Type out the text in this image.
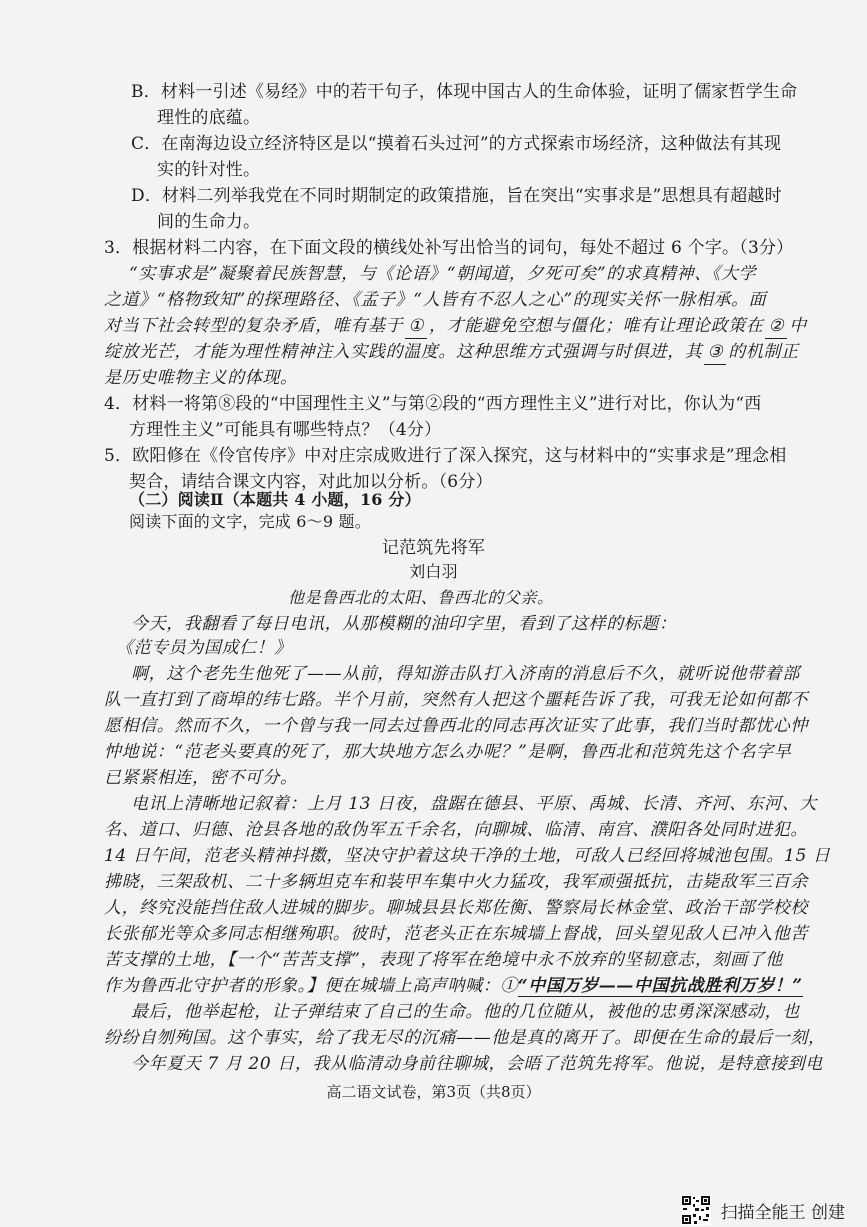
B．材料一引述《易经》中的若干句子，体现中国古人的生命体验，证明了儒家哲学生命
理性的底蕴。
C．在南海边设立经济特区是以“摸着石头过河”的方式探索市场经济，这种做法有其现
实的针对性。
D．材料二列举我党在不同时期制定的政策措施，旨在突出“实事求是”思想具有超越时
间的生命力。
3．根据材料二内容，在下面文段的横线处补写出恰当的词句，每处不超过 6 个字。（3分）
“实事求是”凝聚着民族智慧，与《论语》“朝闻道，夕死可矣”的求真精神、《大学
之道》“格物致知”的探理路径、《孟子》“人皆有不忍人之心”的现实关怀一脉相承。面
对当下社会转型的复杂矛盾，唯有基于 ① ，才能避免空想与僵化；唯有让理论政策在 ② 中
绽放光芒，才能为理性精神注入实践的温度。这种思维方式强调与时俱进，其 ③ 的机制正
是历史唯物主义的体现。
4．材料一将第⑧段的“中国理性主义”与第②段的“西方理性主义”进行对比，你认为“西
方理性主义”可能具有哪些特点？（4分）
5．欧阳修在《伶官传序》中对庄宗成败进行了深入探究，这与材料中的“实事求是”理念相
契合，请结合课文内容，对此加以分析。（6分）
（二）阅读Ⅱ（本题共 4 小题，16 分）
阅读下面的文字，完成 6～9 题。
记范筑先将军
刘白羽
他是鲁西北的太阳、鲁西北的父亲。
今天，我翻看了每日电讯，从那模糊的油印字里，看到了这样的标题：
《范专员为国成仁！》
啊，这个老先生他死了——从前，得知游击队打入济南的消息后不久，就听说他带着部
队一直打到了商埠的纬七路。半个月前，突然有人把这个噩耗告诉了我，可我无论如何都不
愿相信。然而不久，一个曾与我一同去过鲁西北的同志再次证实了此事，我们当时都忧心忡
忡地说：“范老头要真的死了，那大块地方怎么办呢？”是啊，鲁西北和范筑先这个名字早
已紧紧相连，密不可分。
电讯上清晰地记叙着：上月 13 日夜，盘踞在德县、平原、禹城、长清、齐河、东河、大
名、道口、归德、沧县各地的敌伪军五千余名，向聊城、临清、南宫、濮阳各处同时进犯。
14 日午间，范老头精神抖擞，坚决守护着这块干净的土地，可敌人已经回将城池包围。15 日
拂晓，三架敌机、二十多辆坦克车和装甲车集中火力猛攻，我军顽强抵抗，击毙敌军三百余
人，终究没能挡住敌人进城的脚步。聊城县县长郑佐衡、警察局长林金堂、政治干部学校校
长张郁光等众多同志相继殉职。彼时，范老头正在东城墙上督战，回头望见敌人已冲入他苦
苦支撑的土地，【一个“苦苦支撑”，表现了将军在绝境中永不放弃的坚韧意志，刻画了他
作为鲁西北守护者的形象。】便在城墙上高声呐喊：①“中国万岁——中国抗战胜利万岁！”
最后，他举起枪，让子弹结束了自己的生命。他的几位随从，被他的忠勇深深感动，也
纷纷自刎殉国。这个事实，给了我无尽的沉痛——他是真的离开了。即便在生命的最后一刻，
高二语文试卷，第3页（共8页）
扫描全能王 创建
今年夏天 7 月 20 日，我从临清动身前往聊城，会晤了范筑先将军。他说，是特意接到电
